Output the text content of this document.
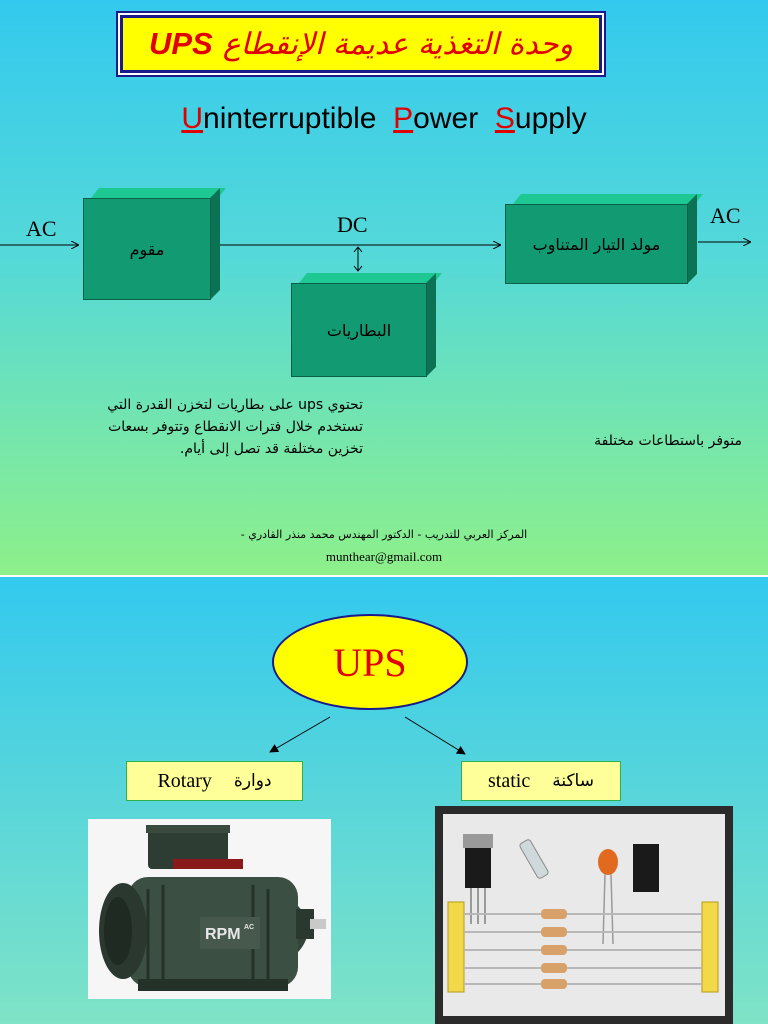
وحدة التغذية عديمة الإنقطاع
UPS
Uninterruptible Power Supply
AC	DC	AC
مقوم	مولد التيار المتناوب
البطاريات
تحتوي ups على بطاريات لتخزن القدرة التي
تستخدم خلال فترات الانقطاع وتتوفر بسعات
تخزين مختلفة قد تصل إلى أيام.	متوفر باستطاعات مختلفة
المركز العربي للتدريب - الدكتور المهندس محمد منذر القادري -
munthear@gmail.com
UPS
Rotary دوارة	static ساكنة
RPM AC
